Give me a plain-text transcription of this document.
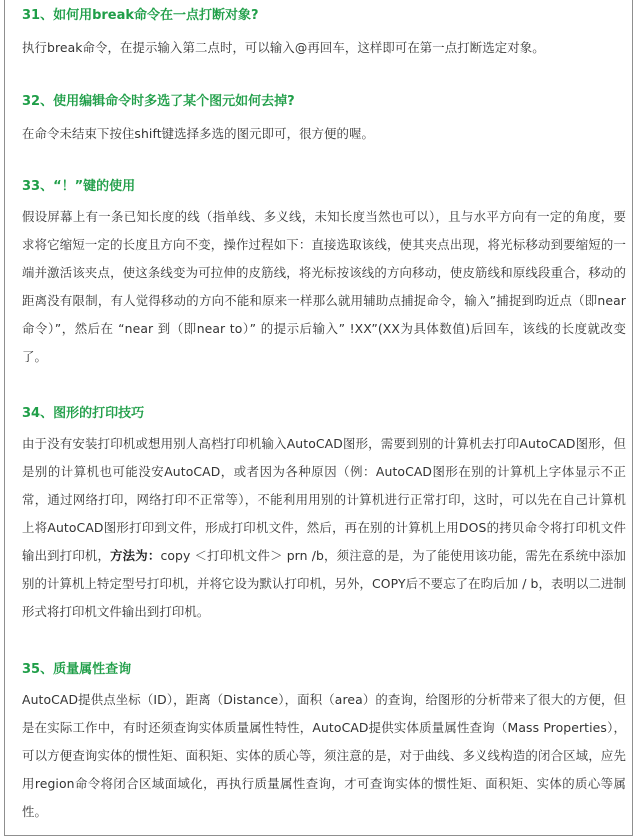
31、如何用break命令在一点打断对象?

执行break命令，在提示输入第二点时，可以输入@再回车，这样即可在第一点打断选定对象。

32、使用编辑命令时多选了某个图元如何去掉?

在命令未结束下按住shift键选择多选的图元即可，很方便的喔。

33、“！”键的使用

假设屏幕上有一条已知长度的线（指单线、多义线，未知长度当然也可以），且与水平方向有一定的角度，要求将它缩短一定的长度且方向不变，操作过程如下：直接选取该线，使其夹点出现，将光标移动到要缩短的一端并激活该夹点，使这条线变为可拉伸的皮筋线，将光标按该线的方向移动，使皮筋线和原线段重合，移动的距离没有限制，有人觉得移动的方向不能和原来一样那么就用辅助点捕捉命令，输入”捕捉到昀近点（即near命令）”，然后在 “near 到（即near to）” 的提示后输入” !XX”(XX为具体数值)后回车，该线的长度就改变了。

34、图形的打印技巧

由于没有安装打印机或想用别人高档打印机输入AutoCAD图形，需要到别的计算机去打印AutoCAD图形，但是别的计算机也可能没安AutoCAD，或者因为各种原因（例：AutoCAD图形在别的计算机上字体显示不正常，通过网络打印，网络打印不正常等），不能利用用别的计算机进行正常打印，这时，可以先在自己计算机上将AutoCAD图形打印到文件，形成打印机文件，然后，再在别的计算机上用DOS的拷贝命令将打印机文件输出到打印机，方法为：copy ＜打印机文件＞ prn /b，须注意的是，为了能使用该功能，需先在系统中添加别的计算机上特定型号打印机，并将它设为默认打印机，另外，COPY后不要忘了在昀后加 / b，表明以二进制形式将打印机文件输出到打印机。

35、质量属性查询

AutoCAD提供点坐标（ID），距离（Distance），面积（area）的查询，给图形的分析带来了很大的方便，但是在实际工作中，有时还须查询实体质量属性特性，AutoCAD提供实体质量属性查询（Mass Properties），可以方便查询实体的惯性矩、面积矩、实体的质心等，须注意的是，对于曲线、多义线构造的闭合区域，应先用region命令将闭合区域面域化，再执行质量属性查询，才可查询实体的惯性矩、面积矩、实体的质心等属性。
